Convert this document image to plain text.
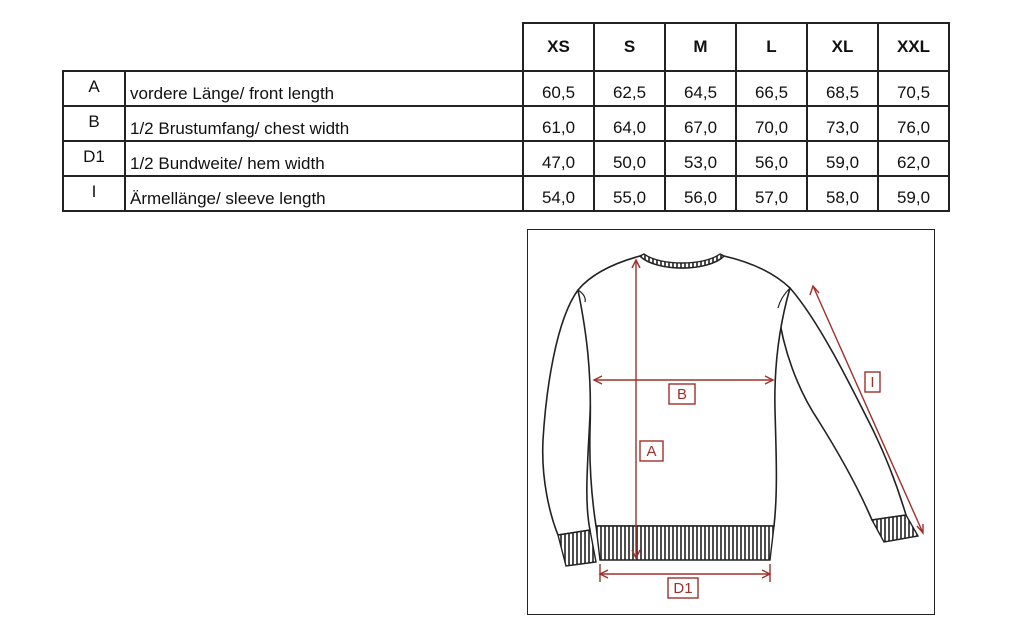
		XS	S	M	L	XL	XXL
A	vordere Länge/ front length	60,5	62,5	64,5	66,5	68,5	70,5
B	1/2 Brustumfang/ chest width	61,0	64,0	67,0	70,0	73,0	76,0
D1	1/2 Bundweite/ hem width	47,0	50,0	53,0	56,0	59,0	62,0
I	Ärmellänge/ sleeve length	54,0	55,0	56,0	57,0	58,0	59,0
B
A
D1
I
